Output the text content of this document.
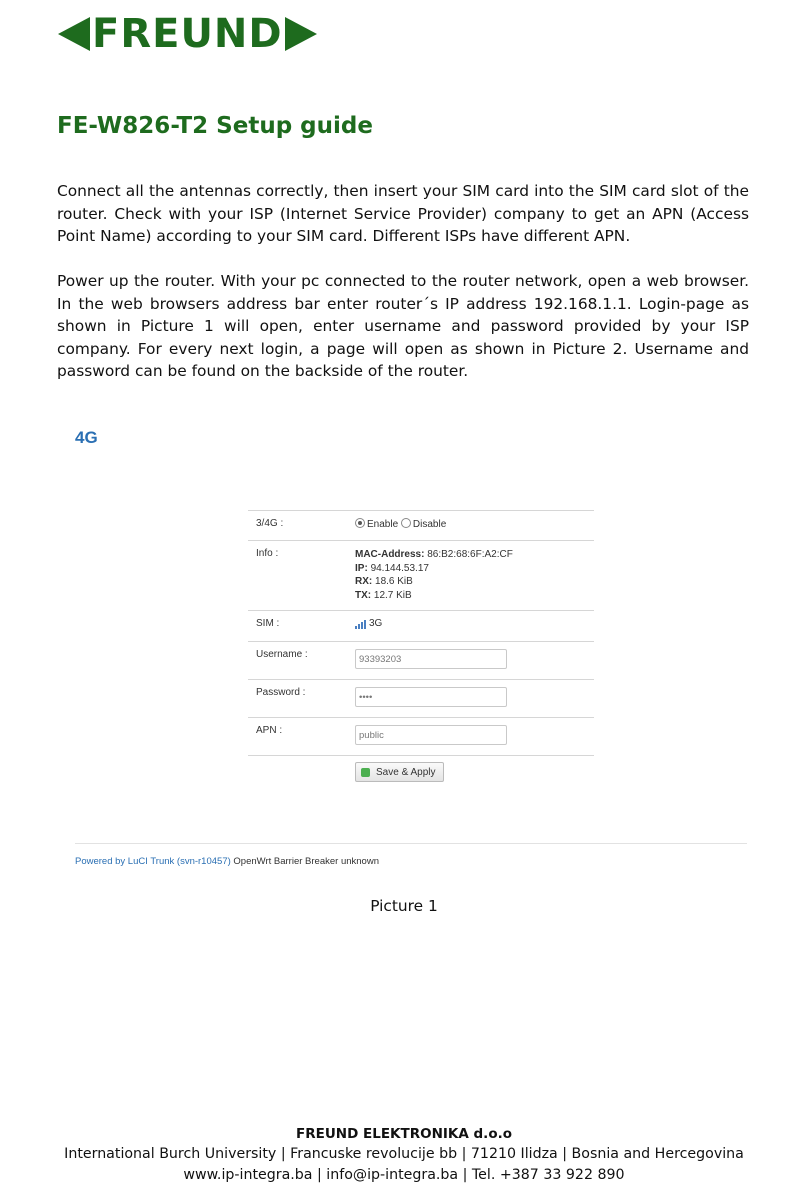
FREUND
FE-W826-T2 Setup guide

Connect all the antennas correctly, then insert your SIM card into the SIM card slot of the router. Check with your ISP (Internet Service Provider) company to get an APN (Access Point Name) according to your SIM card. Different ISPs have different APN.

Power up the router. With your pc connected to the router network, open a web browser. In the web browsers address bar enter router´s IP address 192.168.1.1. Login-page as shown in Picture 1 will open, enter username and password provided by your ISP company. For every next login, a page will open as shown in Picture 2. Username and password can be found on the backside of the router.

4G
3/4G :	Enable Disable
Info :	MAC-Address: 86:B2:68:6F:A2:CF
IP: 94.144.53.17
RX: 18.6 KiB
TX: 12.7 KiB
SIM :	3G
Username :	93393203
Password :	••••
APN :	public
Save & Apply
Powered by LuCI Trunk (svn-r10457) OpenWrt Barrier Breaker unknown
Picture 1
FREUND ELEKTRONIKA d.o.o
International Burch University | Francuske revolucije bb | 71210 Ilidza | Bosnia and Hercegovina
www.ip-integra.ba | info@ip-integra.ba | Tel. +387 33 922 890
